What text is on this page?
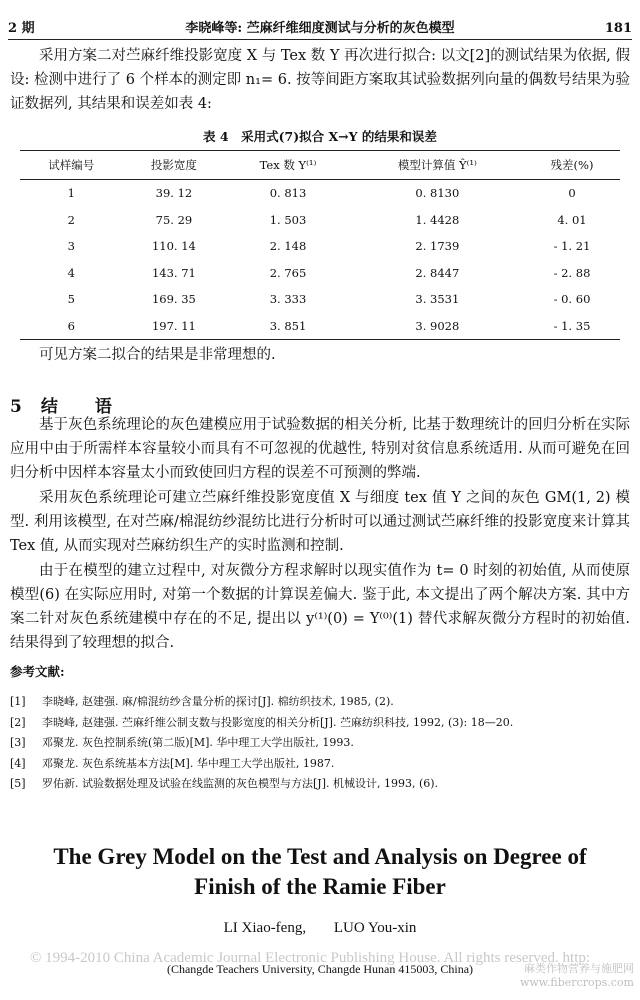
2 期	李晓峰等: 苎麻纤维细度测试与分析的灰色模型	181
采用方案二对苎麻纤维投影宽度 X 与 Tex 数 Y 再次进行拟合: 以文[2]的测试结果为依据, 假设: 检测中进行了 6 个样本的测定即 n₁= 6. 按等间距方案取其试验数据列向量的偶数号结果为验证数据列, 其结果和误差如表 4:
表 4　采用式(7)拟合 X→Y 的结果和误差
试样编号	投影宽度	Tex 数 Y⁽¹⁾	模型计算值 Ŷ⁽¹⁾	残差(%)
1	39. 12	0. 813	0. 8130	0
2	75. 29	1. 503	1. 4428	4. 01
3	110. 14	2. 148	2. 1739	- 1. 21
4	143. 71	2. 765	2. 8447	- 2. 88
5	169. 35	3. 333	3. 3531	- 0. 60
6	197. 11	3. 851	3. 9028	- 1. 35
可见方案二拟合的结果是非常理想的.
5　结　　语
基于灰色系统理论的灰色建模应用于试验数据的相关分析, 比基于数理统计的回归分析在实际应用中由于所需样本容量较小而具有不可忽视的优越性, 特别对贫信息系统适用. 从而可避免在回归分析中因样本容量太小而致使回归方程的误差不可预测的弊端.
采用灰色系统理论可建立苎麻纤维投影宽度值 X 与细度 tex 值 Y 之间的灰色 GM(1, 2) 模型. 利用该模型, 在对苎麻/棉混纺纱混纺比进行分析时可以通过测试苎麻纤维的投影宽度来计算其 Tex 值, 从而实现对苎麻纺织生产的实时监测和控制.
由于在模型的建立过程中, 对灰微分方程求解时以现实值作为 t= 0 时刻的初始值, 从而使原模型(6) 在实际应用时, 对第一个数据的计算误差偏大. 鉴于此, 本文提出了两个解决方案. 其中方案二针对灰色系统建模中存在的不足, 提出以 y⁽¹⁾(0) = Y⁽⁰⁾(1) 替代求解灰微分方程时的初始值. 结果得到了较理想的拟合.
参考文献:
[1]	李晓峰, 赵建强. 麻/棉混纺纱含量分析的探讨[J]. 棉纺织技术, 1985, (2).
[2]	李晓峰, 赵建强. 苎麻纤维公制支数与投影宽度的相关分析[J]. 苎麻纺织科技, 1992, (3): 18—20.
[3]	邓聚龙. 灰色控制系统(第二版)[M]. 华中理工大学出版社, 1993.
[4]	邓聚龙. 灰色系统基本方法[M]. 华中理工大学出版社, 1987.
[5]	罗佑新. 试验数据处理及试验在线监测的灰色模型与方法[J]. 机械设计, 1993, (6).
The Grey Model on the Test and Analysis on Degree of
Finish of the Ramie Fiber
LI Xiao-feng, LUO You-xin
© 1994-2010 China Academic Journal Electronic Publishing House. All rights reserved. http:
(Changde Teachers University, Changde Hunan 415003, China)	麻类作物营养与施肥网
www.fibercrops.com
